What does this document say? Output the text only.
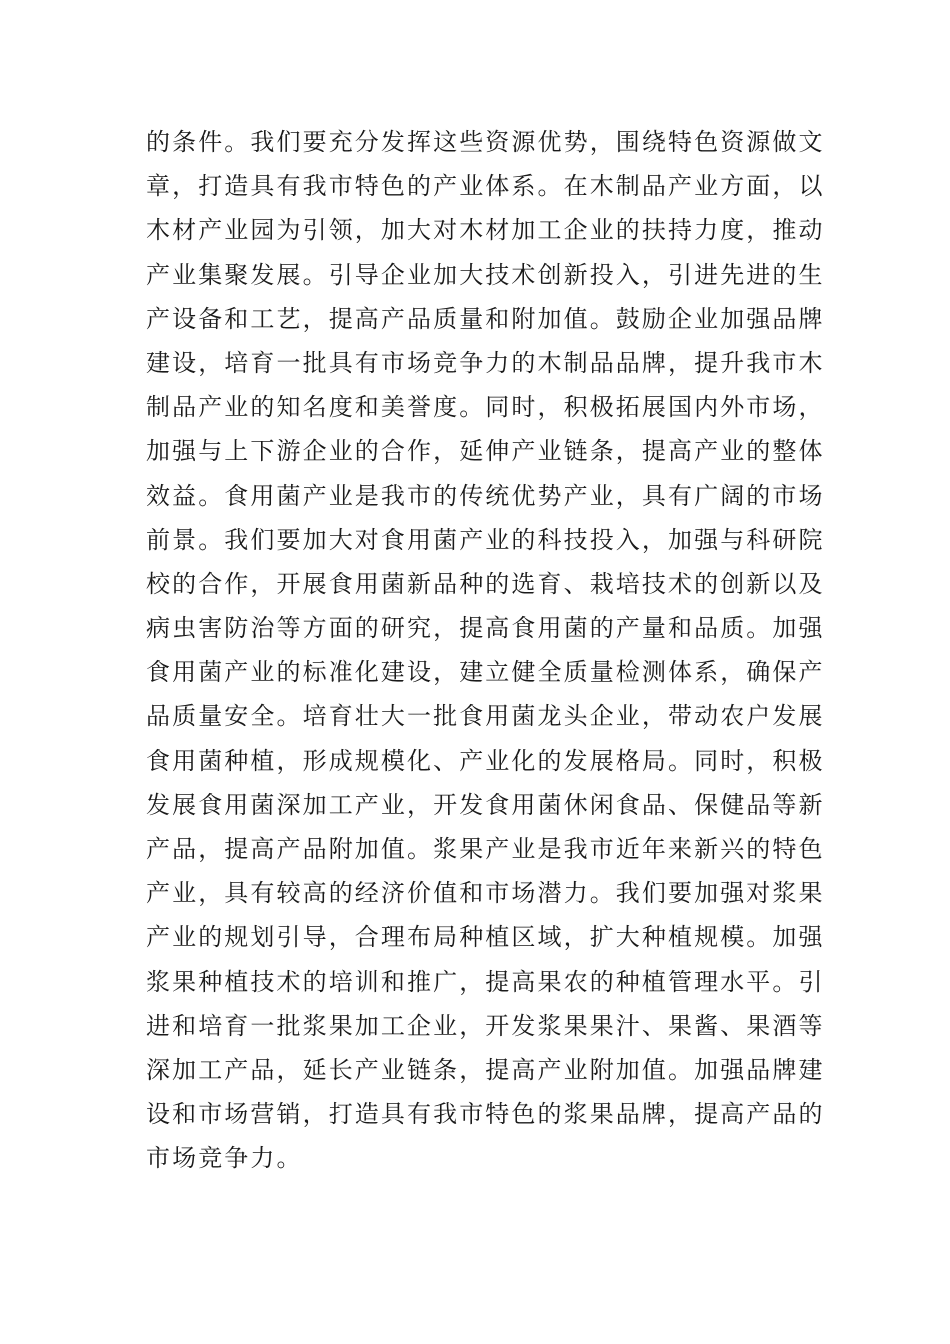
的条件。我们要充分发挥这些资源优势，围绕特色资源做文
章，打造具有我市特色的产业体系。在木制品产业方面，以
木材产业园为引领，加大对木材加工企业的扶持力度，推动
产业集聚发展。引导企业加大技术创新投入，引进先进的生
产设备和工艺，提高产品质量和附加值。鼓励企业加强品牌
建设，培育一批具有市场竞争力的木制品品牌，提升我市木
制品产业的知名度和美誉度。同时，积极拓展国内外市场，
加强与上下游企业的合作，延伸产业链条，提高产业的整体
效益。食用菌产业是我市的传统优势产业，具有广阔的市场
前景。我们要加大对食用菌产业的科技投入，加强与科研院
校的合作，开展食用菌新品种的选育、栽培技术的创新以及
病虫害防治等方面的研究，提高食用菌的产量和品质。加强
食用菌产业的标准化建设，建立健全质量检测体系，确保产
品质量安全。培育壮大一批食用菌龙头企业，带动农户发展
食用菌种植，形成规模化、产业化的发展格局。同时，积极
发展食用菌深加工产业，开发食用菌休闲食品、保健品等新
产品，提高产品附加值。浆果产业是我市近年来新兴的特色
产业，具有较高的经济价值和市场潜力。我们要加强对浆果
产业的规划引导，合理布局种植区域，扩大种植规模。加强
浆果种植技术的培训和推广，提高果农的种植管理水平。引
进和培育一批浆果加工企业，开发浆果果汁、果酱、果酒等
深加工产品，延长产业链条，提高产业附加值。加强品牌建
设和市场营销，打造具有我市特色的浆果品牌，提高产品的
市场竞争力。
